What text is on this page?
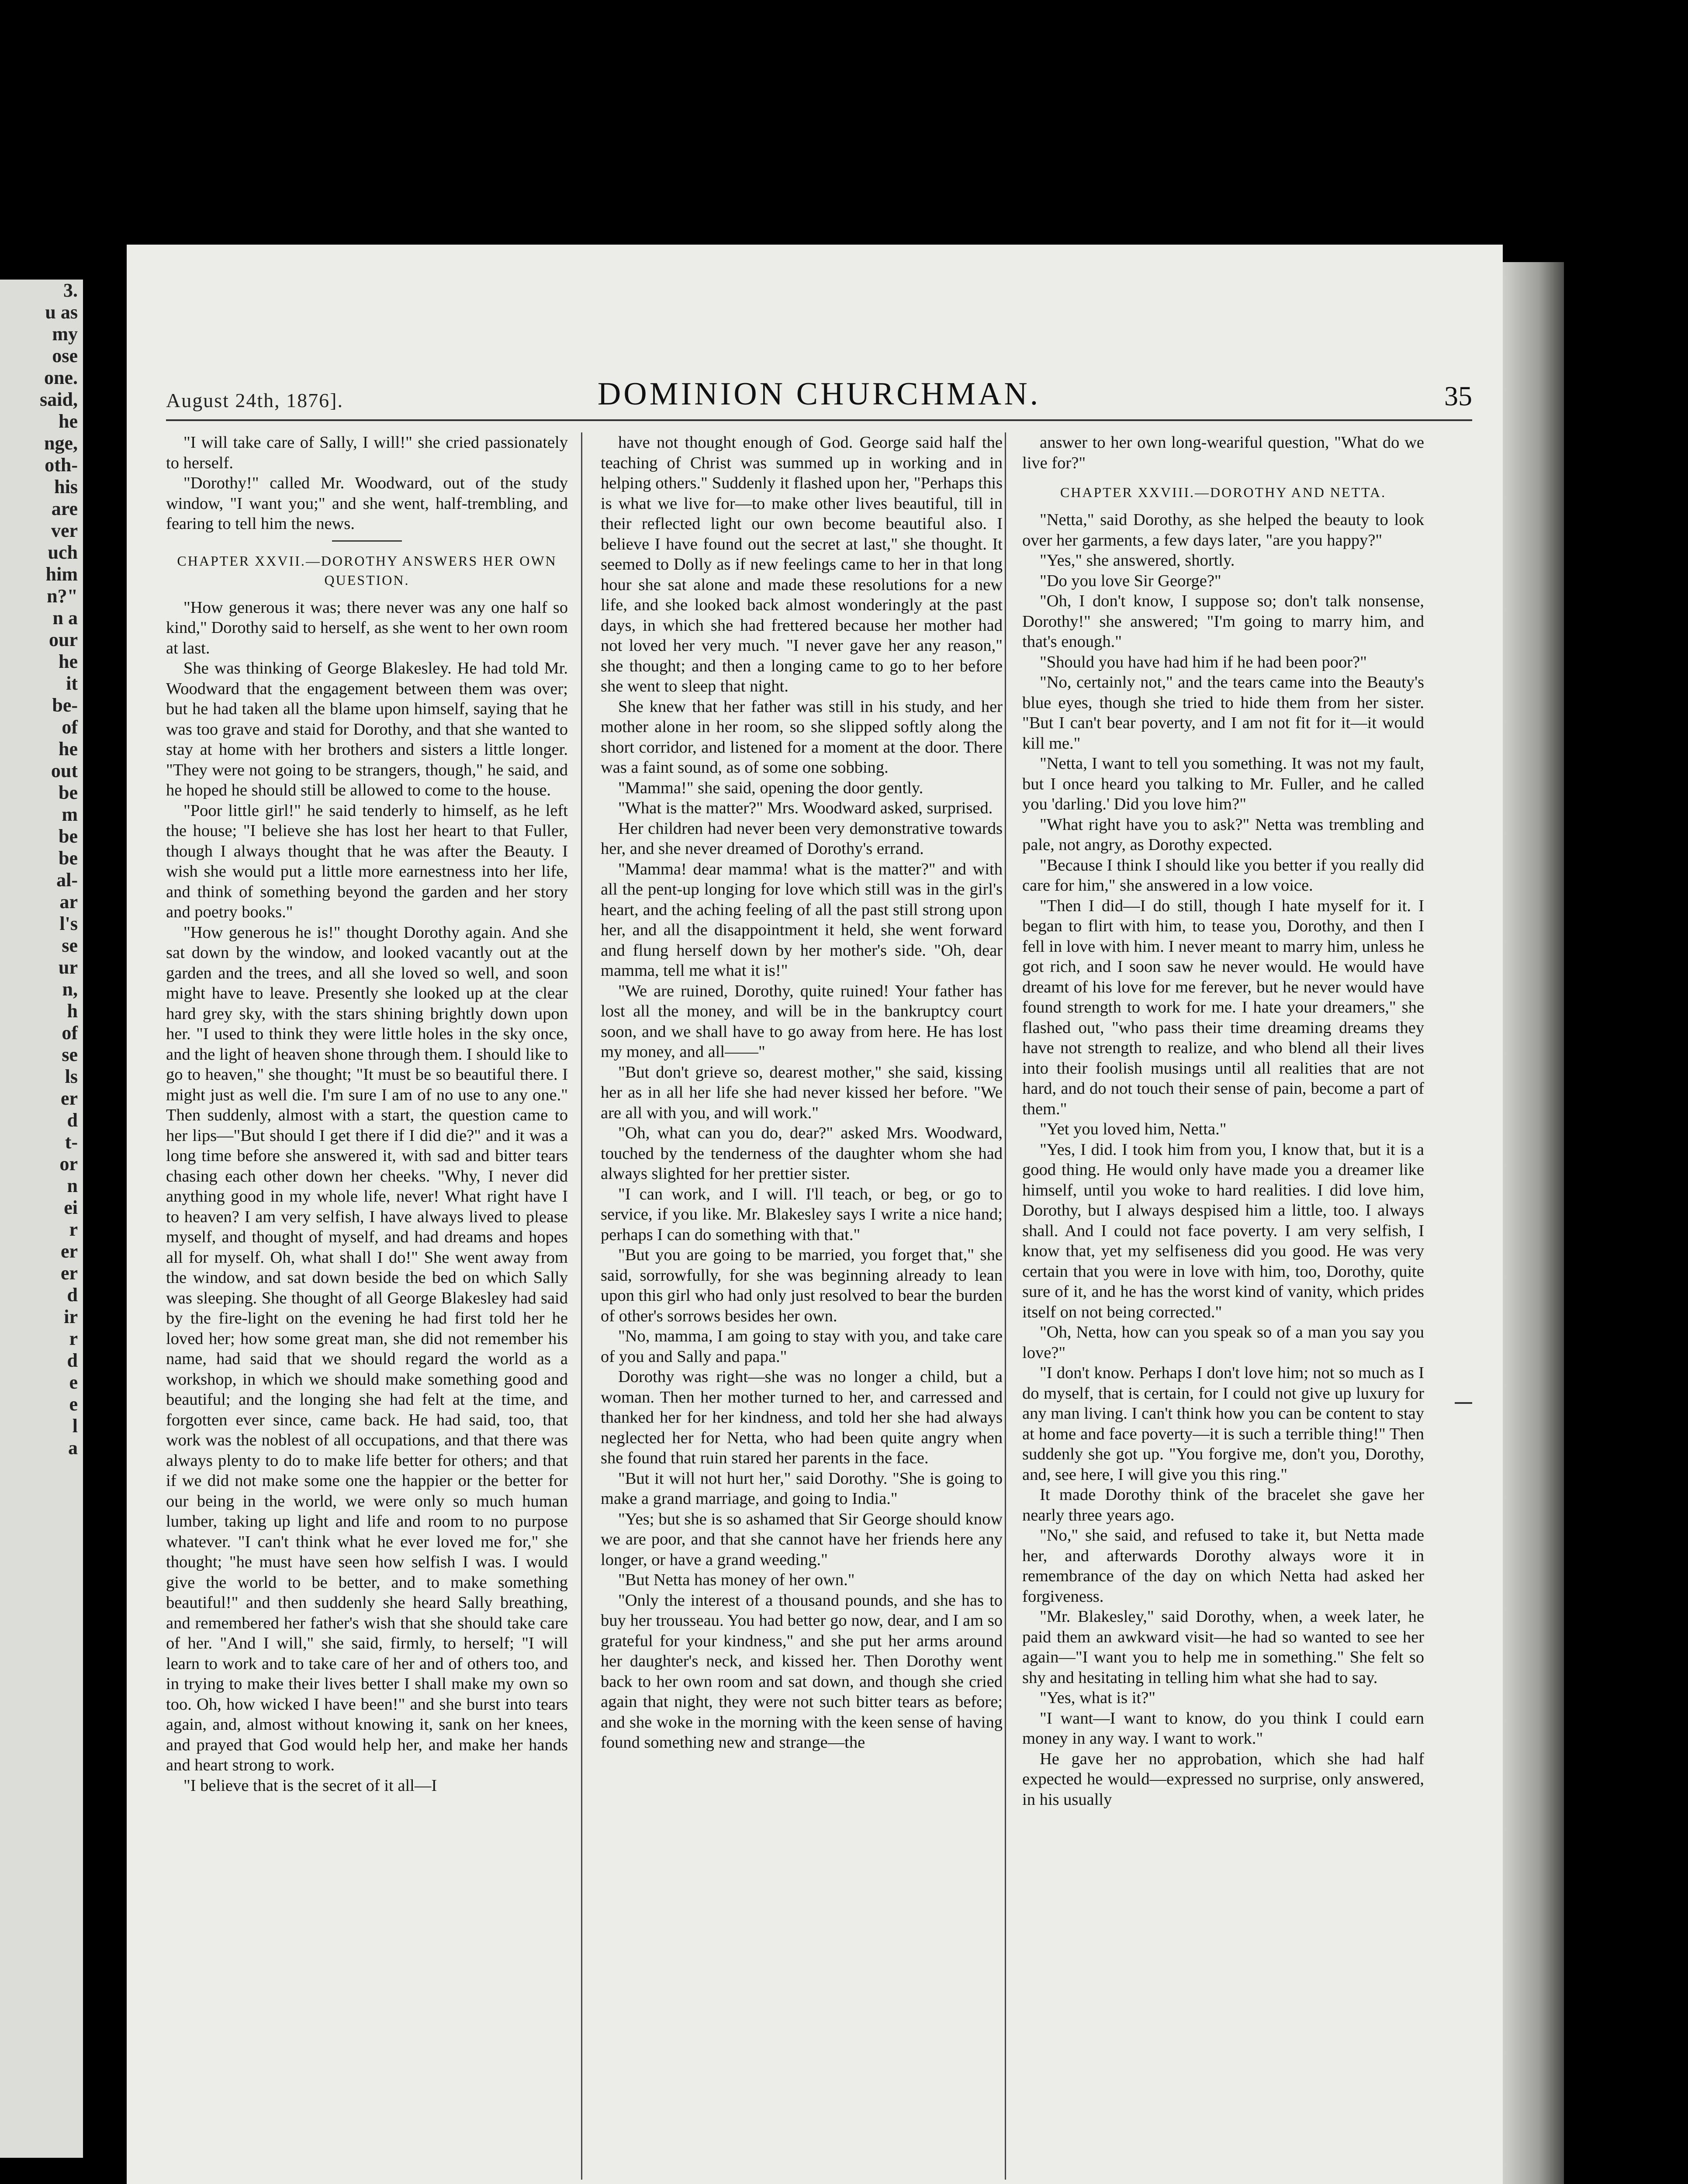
3.
u as
my
ose
one.
said,
he
nge,
oth-
his
are
ver
uch
him
n?"
n a
our
he
it
be-
of
he
out
be
m
be
be
al-
ar
l's
se
ur
n,
h
of
se
ls
er
d
t-
or
n
ei
r
er
er
d
ir
r
d
e
e
l
a
August 24th, 1876].	DOMINION CHURCHMAN.	35

"I will take care of Sally, I will!" she cried passionately to herself.

"Dorothy!" called Mr. Woodward, out of the study window, "I want you;" and she went, half-trembling, and fearing to tell him the news.

CHAPTER XXVII.—DOROTHY ANSWERS HER OWN QUESTION.

"How generous it was; there never was any one half so kind," Dorothy said to herself, as she went to her own room at last.

She was thinking of George Blakesley. He had told Mr. Woodward that the engagement between them was over; but he had taken all the blame upon himself, saying that he was too grave and staid for Dorothy, and that she wanted to stay at home with her brothers and sisters a little longer. "They were not going to be strangers, though," he said, and he hoped he should still be allowed to come to the house.

"Poor little girl!" he said tenderly to himself, as he left the house; "I believe she has lost her heart to that Fuller, though I always thought that he was after the Beauty. I wish she would put a little more earnestness into her life, and think of something beyond the garden and her story and poetry books."

"How generous he is!" thought Dorothy again. And she sat down by the window, and looked vacantly out at the garden and the trees, and all she loved so well, and soon might have to leave. Presently she looked up at the clear hard grey sky, with the stars shining brightly down upon her. "I used to think they were little holes in the sky once, and the light of heaven shone through them. I should like to go to heaven," she thought; "It must be so beautiful there. I might just as well die. I'm sure I am of no use to any one." Then suddenly, almost with a start, the question came to her lips—"But should I get there if I did die?" and it was a long time before she answered it, with sad and bitter tears chasing each other down her cheeks. "Why, I never did anything good in my whole life, never! What right have I to heaven? I am very selfish, I have always lived to please myself, and thought of myself, and had dreams and hopes all for myself. Oh, what shall I do!" She went away from the window, and sat down beside the bed on which Sally was sleeping. She thought of all George Blakesley had said by the fire-light on the evening he had first told her he loved her; how some great man, she did not remember his name, had said that we should regard the world as a workshop, in which we should make something good and beautiful; and the longing she had felt at the time, and forgotten ever since, came back. He had said, too, that work was the noblest of all occupations, and that there was always plenty to do to make life better for others; and that if we did not make some one the happier or the better for our being in the world, we were only so much human lumber, taking up light and life and room to no purpose whatever. "I can't think what he ever loved me for," she thought; "he must have seen how selfish I was. I would give the world to be better, and to make something beautiful!" and then suddenly she heard Sally breathing, and remembered her father's wish that she should take care of her. "And I will," she said, firmly, to herself; "I will learn to work and to take care of her and of others too, and in trying to make their lives better I shall make my own so too. Oh, how wicked I have been!" and she burst into tears again, and, almost without knowing it, sank on her knees, and prayed that God would help her, and make her hands and heart strong to work.

"I believe that is the secret of it all—I

have not thought enough of God. George said half the teaching of Christ was summed up in working and in helping others." Suddenly it flashed upon her, "Perhaps this is what we live for—to make other lives beautiful, till in their reflected light our own become beautiful also. I believe I have found out the secret at last," she thought. It seemed to Dolly as if new feelings came to her in that long hour she sat alone and made these resolutions for a new life, and she looked back almost wonderingly at the past days, in which she had frettered because her mother had not loved her very much. "I never gave her any reason," she thought; and then a longing came to go to her before she went to sleep that night.

She knew that her father was still in his study, and her mother alone in her room, so she slipped softly along the short corridor, and listened for a moment at the door. There was a faint sound, as of some one sobbing.

"Mamma!" she said, opening the door gently.

"What is the matter?" Mrs. Woodward asked, surprised.

Her children had never been very demonstrative towards her, and she never dreamed of Dorothy's errand.

"Mamma! dear mamma! what is the matter?" and with all the pent-up longing for love which still was in the girl's heart, and the aching feeling of all the past still strong upon her, and all the disappointment it held, she went forward and flung herself down by her mother's side. "Oh, dear mamma, tell me what it is!"

"We are ruined, Dorothy, quite ruined! Your father has lost all the money, and will be in the bankruptcy court soon, and we shall have to go away from here. He has lost my money, and all——"

"But don't grieve so, dearest mother," she said, kissing her as in all her life she had never kissed her before. "We are all with you, and will work."

"Oh, what can you do, dear?" asked Mrs. Woodward, touched by the tenderness of the daughter whom she had always slighted for her prettier sister.

"I can work, and I will. I'll teach, or beg, or go to service, if you like. Mr. Blakesley says I write a nice hand; perhaps I can do something with that."

"But you are going to be married, you forget that," she said, sorrowfully, for she was beginning already to lean upon this girl who had only just resolved to bear the burden of other's sorrows besides her own.

"No, mamma, I am going to stay with you, and take care of you and Sally and papa."

Dorothy was right—she was no longer a child, but a woman. Then her mother turned to her, and carressed and thanked her for her kindness, and told her she had always neglected her for Netta, who had been quite angry when she found that ruin stared her parents in the face.

"But it will not hurt her," said Dorothy. "She is going to make a grand marriage, and going to India."

"Yes; but she is so ashamed that Sir George should know we are poor, and that she cannot have her friends here any longer, or have a grand weeding."

"But Netta has money of her own."

"Only the interest of a thousand pounds, and she has to buy her trousseau. You had better go now, dear, and I am so grateful for your kindness," and she put her arms around her daughter's neck, and kissed her. Then Dorothy went back to her own room and sat down, and though she cried again that night, they were not such bitter tears as before; and she woke in the morning with the keen sense of having found something new and strange—the

answer to her own long-weariful question, "What do we live for?"

CHAPTER XXVIII.—DOROTHY AND NETTA.

"Netta," said Dorothy, as she helped the beauty to look over her garments, a few days later, "are you happy?"

"Yes," she answered, shortly.

"Do you love Sir George?"

"Oh, I don't know, I suppose so; don't talk nonsense, Dorothy!" she answered; "I'm going to marry him, and that's enough."

"Should you have had him if he had been poor?"

"No, certainly not," and the tears came into the Beauty's blue eyes, though she tried to hide them from her sister. "But I can't bear poverty, and I am not fit for it—it would kill me."

"Netta, I want to tell you something. It was not my fault, but I once heard you talking to Mr. Fuller, and he called you 'darling.' Did you love him?"

"What right have you to ask?" Netta was trembling and pale, not angry, as Dorothy expected.

"Because I think I should like you better if you really did care for him," she answered in a low voice.

"Then I did—I do still, though I hate myself for it. I began to flirt with him, to tease you, Dorothy, and then I fell in love with him. I never meant to marry him, unless he got rich, and I soon saw he never would. He would have dreamt of his love for me ferever, but he never would have found strength to work for me. I hate your dreamers," she flashed out, "who pass their time dreaming dreams they have not strength to realize, and who blend all their lives into their foolish musings until all realities that are not hard, and do not touch their sense of pain, become a part of them."

"Yet you loved him, Netta."

"Yes, I did. I took him from you, I know that, but it is a good thing. He would only have made you a dreamer like himself, until you woke to hard realities. I did love him, Dorothy, but I always despised him a little, too. I always shall. And I could not face poverty. I am very selfish, I know that, yet my selfiseness did you good. He was very certain that you were in love with him, too, Dorothy, quite sure of it, and he has the worst kind of vanity, which prides itself on not being corrected."

"Oh, Netta, how can you speak so of a man you say you love?"

"I don't know. Perhaps I don't love him; not so much as I do myself, that is certain, for I could not give up luxury for any man living. I can't think how you can be content to stay at home and face poverty—it is such a terrible thing!" Then suddenly she got up. "You forgive me, don't you, Dorothy, and, see here, I will give you this ring."

It made Dorothy think of the bracelet she gave her nearly three years ago.

"No," she said, and refused to take it, but Netta made her, and afterwards Dorothy always wore it in remembrance of the day on which Netta had asked her forgiveness.

"Mr. Blakesley," said Dorothy, when, a week later, he paid them an awkward visit—he had so wanted to see her again—"I want you to help me in something." She felt so shy and hesitating in telling him what she had to say.

"Yes, what is it?"

"I want—I want to know, do you think I could earn money in any way. I want to work."

He gave her no approbation, which she had half expected he would—expressed no surprise, only answered, in his usually
